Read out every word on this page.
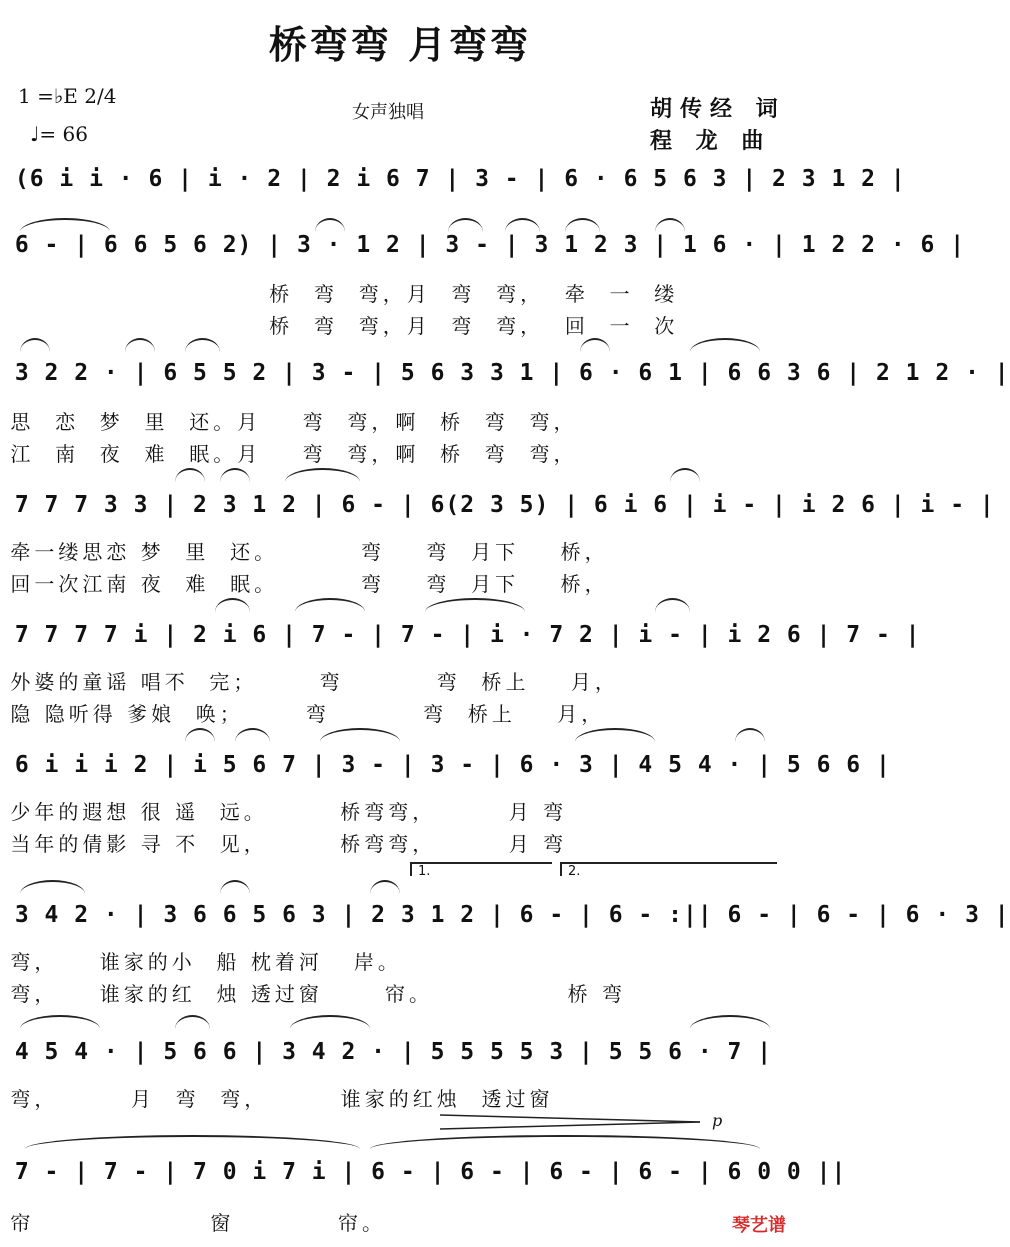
桥弯弯 月弯弯
1 =♭E 2/4
♩= 66
女声独唱	胡传经 词
程 龙 曲
(6 i i · 6 | i · 2 | 2 i 6 7 | 3 - | 6 · 6 5 6 3 | 2 3 1 2 |
6 - | 6 6 5 6 2) | 3 · 1 2 | 3 - | 3 1 2 3 | 1 6 · | 1 2 2 · 6 |
桥  弯  弯，月  弯  弯，  牵  一  缕
桥  弯  弯，月  弯  弯，  回  一  次
3 2 2 · | 6 5 5 2 | 3 - | 5 6 3 3 1 | 6 · 6 1 | 6 6 3 6 | 2 1 2 · |
思  恋  梦  里  还。月    弯  弯，啊  桥  弯  弯，
江  南  夜  难  眠。月    弯  弯，啊  桥  弯  弯，
7 7 7 3 3 | 2 3 1 2 | 6 - | 6(2 3 5) | 6 i 6 | i - | i 2 6 | i - |
牵一缕思恋 梦  里  还。        弯    弯  月下    桥，
回一次江南 夜  难  眠。        弯    弯  月下    桥，
7 7 7 7 i | 2 i 6 | 7 - | 7 - | i · 7 2 | i - | i 2 6 | 7 - |
外婆的童谣 唱不  完；      弯         弯  桥上    月，
隐 隐听得 爹娘  唤；      弯         弯  桥上    月，
6 i i i 2 | i 5 6 7 | 3 - | 3 - | 6 · 3 | 4 5 4 · | 5 6 6 |
少年的遐想 很 遥  远。       桥弯弯，       月 弯
当年的倩影 寻 不  见，       桥弯弯，       月 弯
1.	2.
3 4 2 · | 3 6 6 5 6 3 | 2 3 1 2 | 6 - | 6 - :|| 6 - | 6 - | 6 · 3 |
弯，    谁家的小  船 枕着河   岸。
弯，    谁家的红  烛 透过窗      帘。             桥 弯
4 5 4 · | 5 6 6 | 3 4 2 · | 5 5 5 5 3 | 5 5 6 · 7 |
弯，       月  弯  弯，       谁家的红烛  透过窗
p
7 - | 7 - | 7 0 i 7 i | 6 - | 6 - | 6 - | 6 - | 6 0 0 ||
帘                 窗          帘。	琴艺谱
